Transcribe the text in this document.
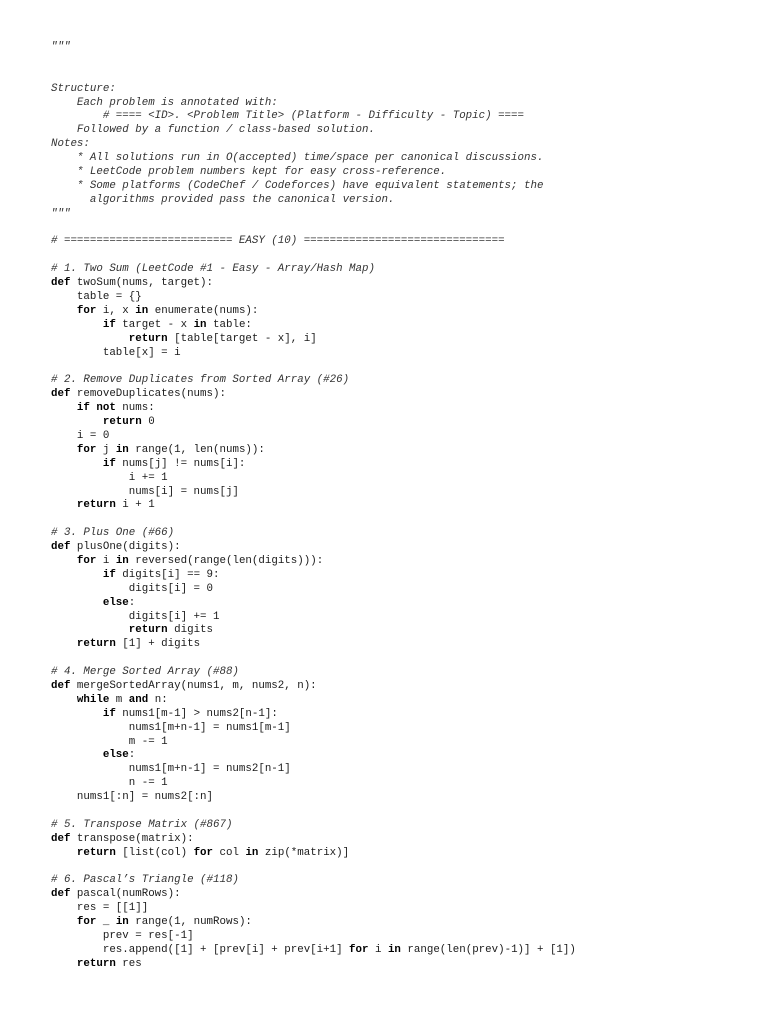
"""
Structure:
Each problem is annotated with:
# ==== <ID>. <Problem Title> (Platform - Difficulty - Topic) ====
Followed by a function / class-based solution.
Notes:
* All solutions run in O(accepted) time/space per canonical discussions.
* LeetCode problem numbers kept for easy cross-reference.
* Some platforms (CodeChef / Codeforces) have equivalent statements; the
algorithms provided pass the canonical version.
"""
# ========================== EASY (10) ===============================
# 1. Two Sum (LeetCode #1 - Easy - Array/Hash Map)
def twoSum(nums, target):
table = {}
for i, x in enumerate(nums):
if target - x in table:
return [table[target - x], i]
table[x] = i
# 2. Remove Duplicates from Sorted Array (#26)
def removeDuplicates(nums):
if not nums:
return 0
i = 0
for j in range(1, len(nums)):
if nums[j] != nums[i]:
i += 1
nums[i] = nums[j]
return i + 1
# 3. Plus One (#66)
def plusOne(digits):
for i in reversed(range(len(digits))):
if digits[i] == 9:
digits[i] = 0
else:
digits[i] += 1
return digits
return [1] + digits
# 4. Merge Sorted Array (#88)
def mergeSortedArray(nums1, m, nums2, n):
while m and n:
if nums1[m-1] > nums2[n-1]:
nums1[m+n-1] = nums1[m-1]
m -= 1
else:
nums1[m+n-1] = nums2[n-1]
n -= 1
nums1[:n] = nums2[:n]
# 5. Transpose Matrix (#867)
def transpose(matrix):
return [list(col) for col in zip(*matrix)]
# 6. Pascal’s Triangle (#118)
def pascal(numRows):
res = [[1]]
for _ in range(1, numRows):
prev = res[-1]
res.append([1] + [prev[i] + prev[i+1] for i in range(len(prev)-1)] + [1])
return res
